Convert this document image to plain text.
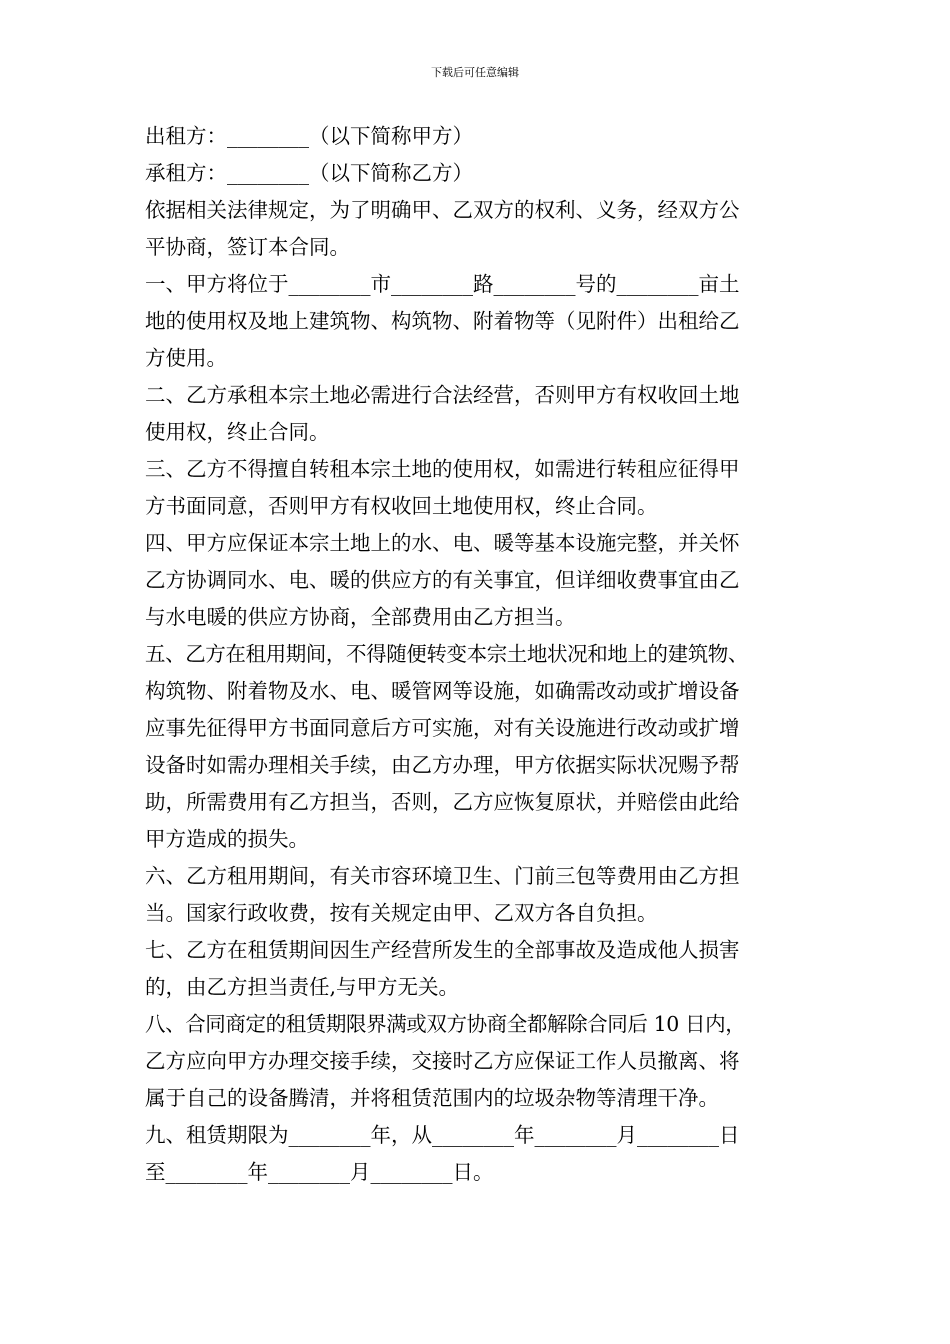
下载后可任意编辑
出租方：________（以下简称甲方）
承租方：________（以下简称乙方）
依据相关法律规定，为了明确甲、乙双方的权利、义务，经双方公
平协商，签订本合同。
一、甲方将位于________市________路________号的________亩土
地的使用权及地上建筑物、构筑物、附着物等（见附件）出租给乙
方使用。
二、乙方承租本宗土地必需进行合法经营，否则甲方有权收回土地
使用权，终止合同。
三、乙方不得擅自转租本宗土地的使用权，如需进行转租应征得甲
方书面同意，否则甲方有权收回土地使用权，终止合同。
四、甲方应保证本宗土地上的水、电、暖等基本设施完整，并关怀
乙方协调同水、电、暖的供应方的有关事宜，但详细收费事宜由乙
与水电暖的供应方协商，全部费用由乙方担当。
五、乙方在租用期间，不得随便转变本宗土地状况和地上的建筑物、
构筑物、附着物及水、电、暖管网等设施，如确需改动或扩增设备
应事先征得甲方书面同意后方可实施，对有关设施进行改动或扩增
设备时如需办理相关手续，由乙方办理，甲方依据实际状况赐予帮
助，所需费用有乙方担当，否则，乙方应恢复原状，并赔偿由此给
甲方造成的损失。
六、乙方租用期间，有关市容环境卫生、门前三包等费用由乙方担
当。国家行政收费，按有关规定由甲、乙双方各自负担。
七、乙方在租赁期间因生产经营所发生的全部事故及造成他人损害
的，由乙方担当责任,与甲方无关。
八、合同商定的租赁期限界满或双方协商全都解除合同后 10 日内，
乙方应向甲方办理交接手续，交接时乙方应保证工作人员撤离、将
属于自己的设备腾清，并将租赁范围内的垃圾杂物等清理干净。
九、租赁期限为________年，从________年________月________日
至________年________月________日。
